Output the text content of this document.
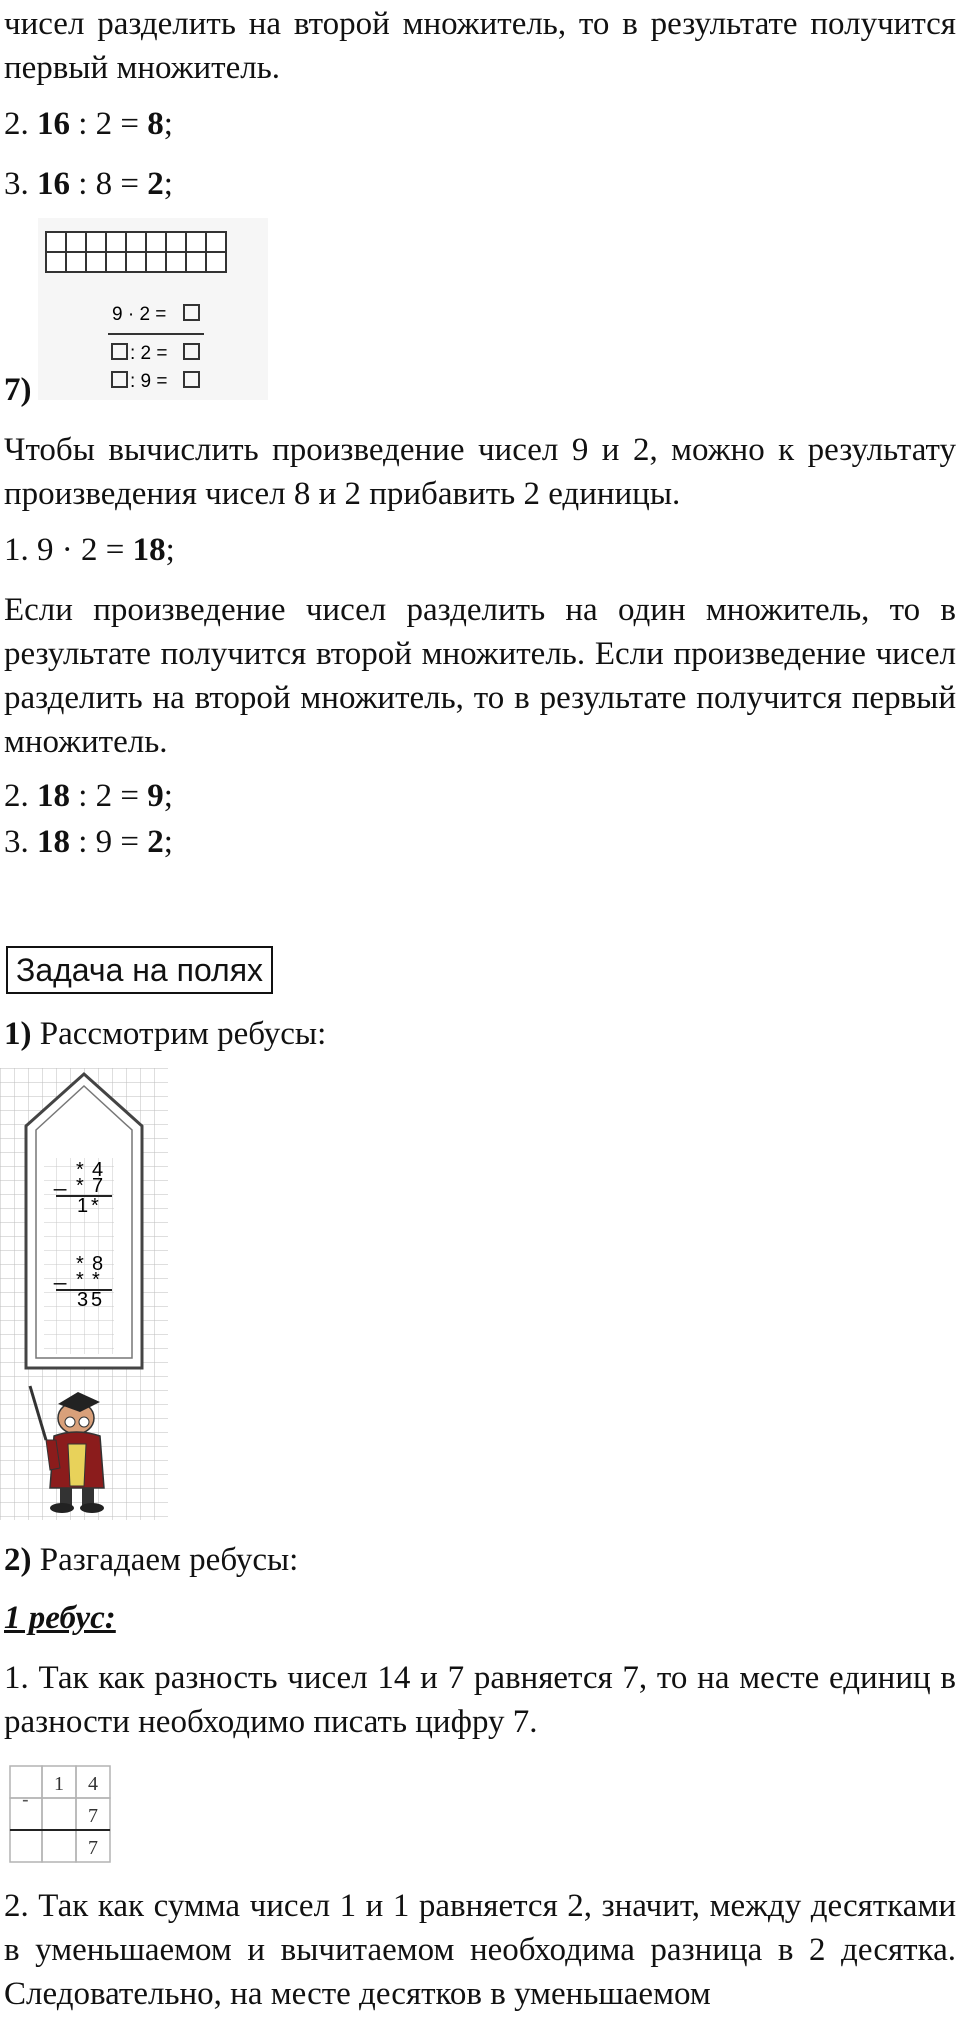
чисел разделить на второй множитель, то в результате получится первый множитель.

2. 16 : 2 = 8;
3. 16 : 8 = 2;
9 · 2 =
: 2 =
: 9 =
7)

Чтобы вычислить произведение чисел 9 и 2, можно к результату произведения чисел 8 и 2 прибавить 2 единицы.

1. 9 · 2 = 18;

Если произведение чисел разделить на один множитель, то в результате получится второй множитель. Если произведение чисел разделить на второй множитель, то в результате получится первый множитель.

2. 18 : 2 = 9;
3. 18 : 9 = 2;
Задача на полях
1) Рассмотрим ребусы:
_ * 4
* 7
1 *
_ * 8
* *
3 5
2) Разгадаем ребусы:
1 ребус:

1. Так как разность чисел 14 и 7 равняется 7, то на месте единиц в разности необходимо писать цифру 7.

-
1 4
7
7

2. Так как сумма чисел 1 и 1 равняется 2, значит, между десятками в уменьшаемом и вычитаемом необходима разница в 2 десятка. Следовательно, на месте десятков в уменьшаемом
